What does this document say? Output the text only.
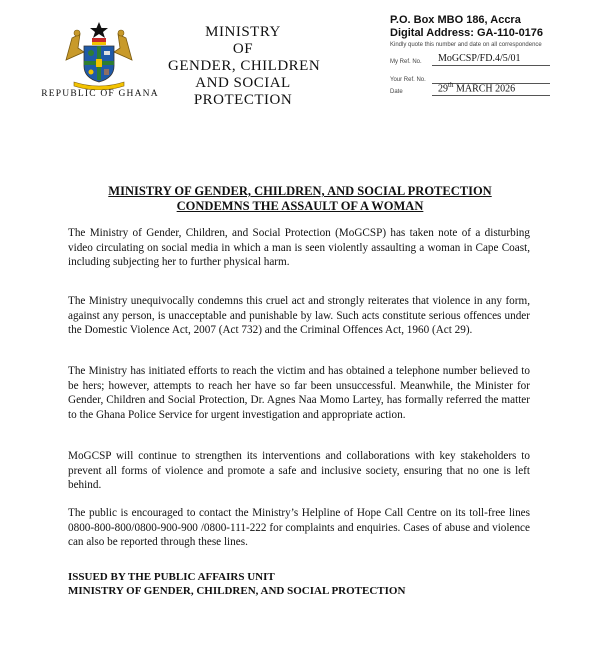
REPUBLIC OF GHANA
MINISTRY
OF
GENDER, CHILDREN
AND SOCIAL
PROTECTION
P.O. Box MBO 186, Accra
Digital Address: GA-110-0176
Kindly quote this number and date on all correspondence
My Ref. No.	MoGCSP/FD.4/5/01
Your Ref. No.
Date	29th MARCH 2026
MINISTRY OF GENDER, CHILDREN, AND SOCIAL PROTECTION
CONDEMNS THE ASSAULT OF A WOMAN

The Ministry of Gender, Children, and Social Protection (MoGCSP) has taken note of a disturbing video circulating on social media in which a man is seen violently assaulting a woman in Cape Coast, including subjecting her to further physical harm.

The Ministry unequivocally condemns this cruel act and strongly reiterates that violence in any form, against any person, is unacceptable and punishable by law. Such acts constitute serious offences under the Domestic Violence Act, 2007 (Act 732) and the Criminal Offences Act, 1960 (Act 29).

The Ministry has initiated efforts to reach the victim and has obtained a telephone number believed to be hers; however, attempts to reach her have so far been unsuccessful. Meanwhile, the Minister for Gender, Children and Social Protection, Dr. Agnes Naa Momo Lartey, has formally referred the matter to the Ghana Police Service for urgent investigation and appropriate action.

MoGCSP will continue to strengthen its interventions and collaborations with key stakeholders to prevent all forms of violence and promote a safe and inclusive society, ensuring that no one is left behind.

The public is encouraged to contact the Ministry’s Helpline of Hope Call Centre on its toll-free lines 0800-800-800/0800-900-900 /0800-111-222 for complaints and enquiries. Cases of abuse and violence can also be reported through these lines.

ISSUED BY THE PUBLIC AFFAIRS UNIT
MINISTRY OF GENDER, CHILDREN, AND SOCIAL PROTECTION
